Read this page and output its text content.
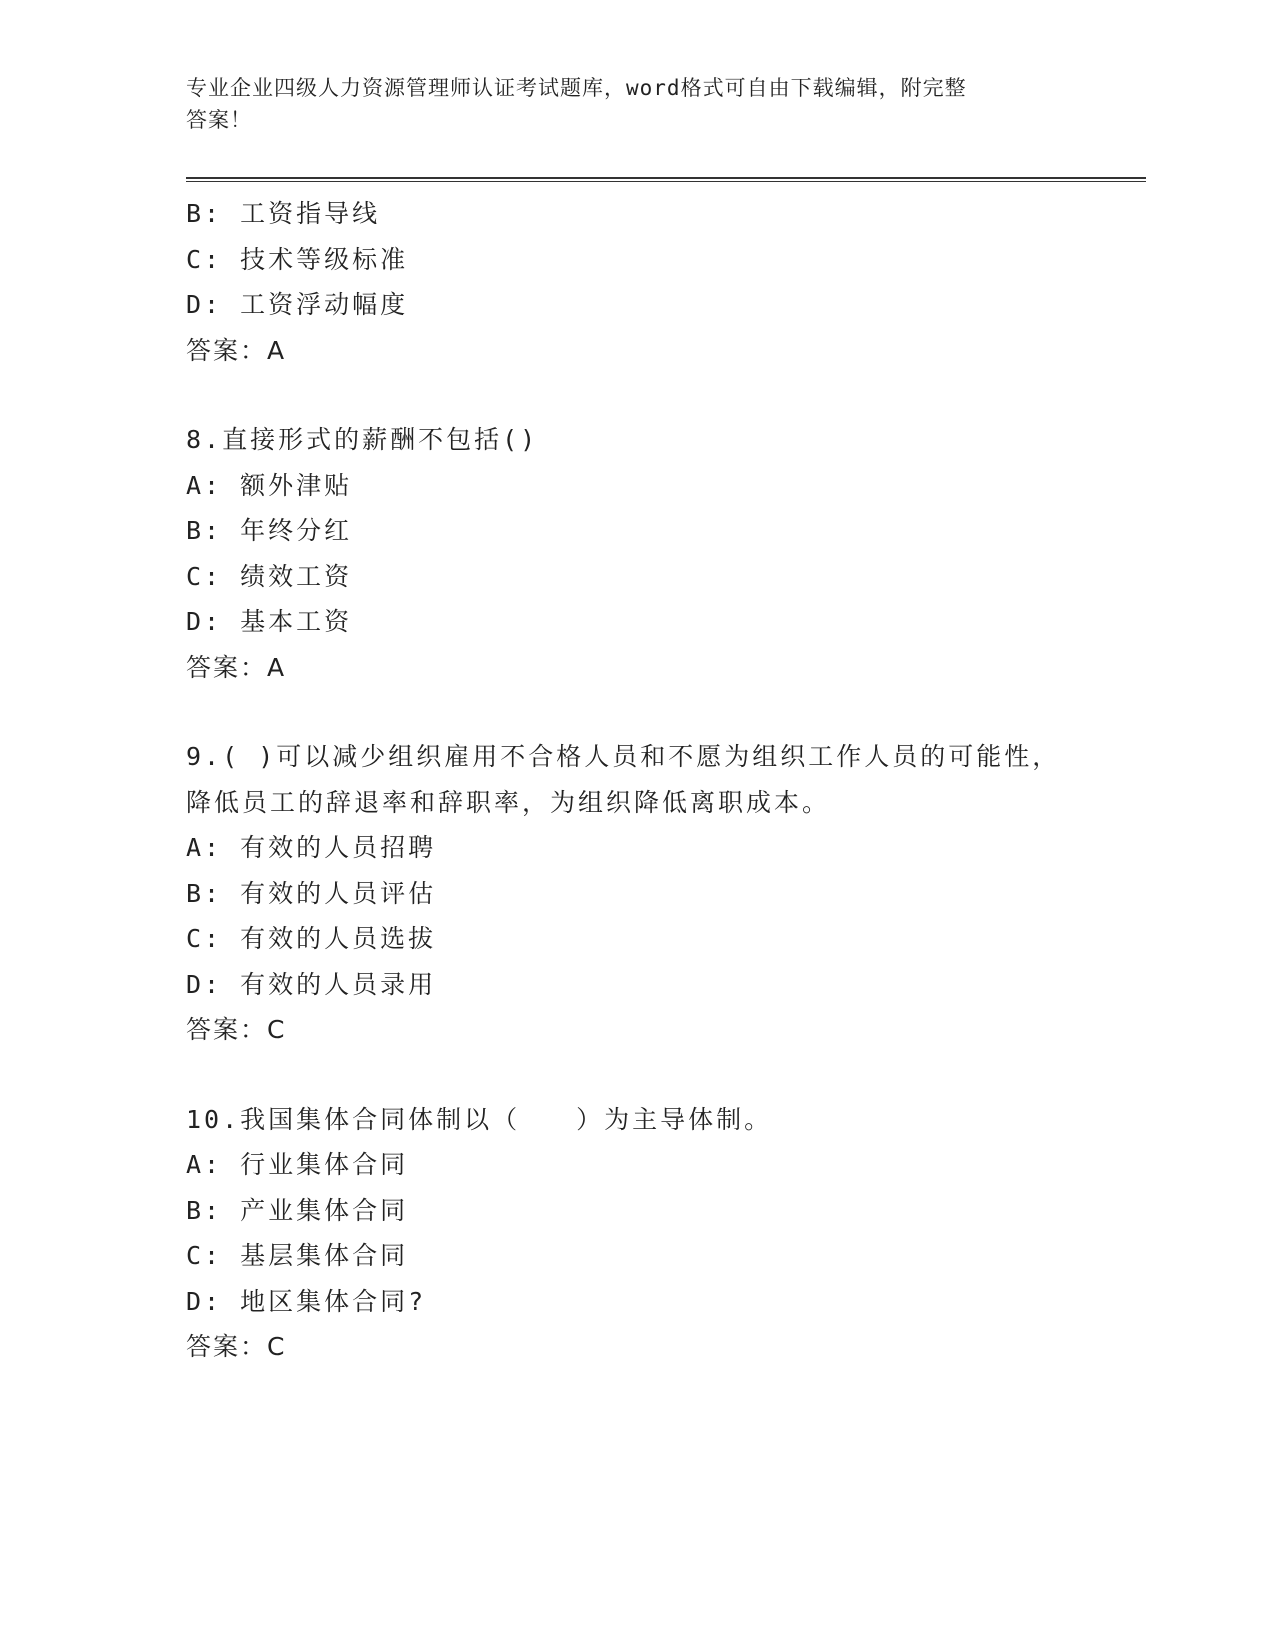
专业企业四级人力资源管理师认证考试题库，word格式可自由下载编辑，附完整
答案！
B: 工资指导线
C: 技术等级标准
D: 工资浮动幅度
答案：A
8.直接形式的薪酬不包括()
A: 额外津贴
B: 年终分红
C: 绩效工资
D: 基本工资
答案：A
9.( )可以减少组织雇用不合格人员和不愿为组织工作人员的可能性，
降低员工的辞退率和辞职率，为组织降低离职成本。
A: 有效的人员招聘
B: 有效的人员评估
C: 有效的人员选拔
D: 有效的人员录用
答案：C
10.我国集体合同体制以（　　）为主导体制。
A: 行业集体合同
B: 产业集体合同
C: 基层集体合同
D: 地区集体合同?
答案：C
